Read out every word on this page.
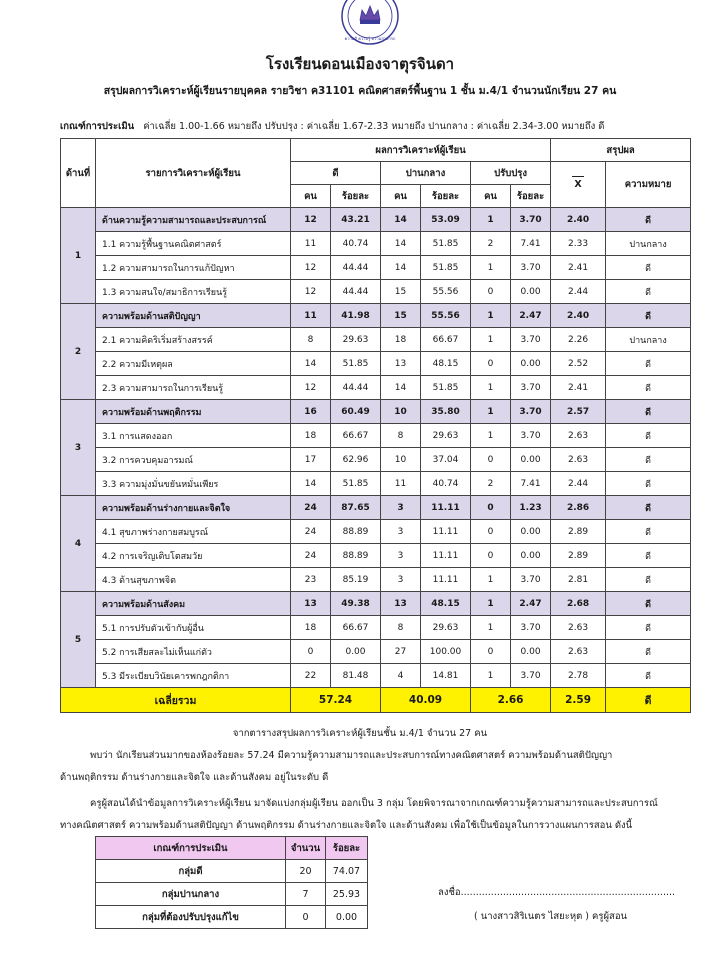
ความดี ความรู้ ความสามารถ
โรงเรียนดอนเมืองจาตุรจินดา
สรุปผลการวิเคราะห์ผู้เรียนรายบุคคล รายวิชา ค31101 คณิตศาสตร์พื้นฐาน 1 ชั้น ม.4/1 จำนวนนักเรียน 27 คน
เกณฑ์การประเมิน ค่าเฉลี่ย 1.00-1.66 หมายถึง ปรับปรุง : ค่าเฉลี่ย 1.67-2.33 หมายถึง ปานกลาง : ค่าเฉลี่ย 2.34-3.00 หมายถึง ดี
ด้านที่	รายการวิเคราะห์ผู้เรียน	ผลการวิเคราะห์ผู้เรียน						สรุปผล	
		ดี		ปานกลาง		ปรับปรุง		X	ความหมาย
		คน	ร้อยละ	คน	ร้อยละ	คน	ร้อยละ		
1	ด้านความรู้ความสามารถและประสบการณ์	12	43.21	14	53.09	1	3.70	2.40	ดี
	1.1 ความรู้พื้นฐานคณิตศาสตร์	11	40.74	14	51.85	2	7.41	2.33	ปานกลาง
	1.2 ความสามารถในการแก้ปัญหา	12	44.44	14	51.85	1	3.70	2.41	ดี
	1.3 ความสนใจ/สมาธิการเรียนรู้	12	44.44	15	55.56	0	0.00	2.44	ดี
2	ความพร้อมด้านสติปัญญา	11	41.98	15	55.56	1	2.47	2.40	ดี
	2.1 ความคิดริเริ่มสร้างสรรค์	8	29.63	18	66.67	1	3.70	2.26	ปานกลาง
	2.2 ความมีเหตุผล	14	51.85	13	48.15	0	0.00	2.52	ดี
	2.3 ความสามารถในการเรียนรู้	12	44.44	14	51.85	1	3.70	2.41	ดี
3	ความพร้อมด้านพฤติกรรม	16	60.49	10	35.80	1	3.70	2.57	ดี
	3.1 การแสดงออก	18	66.67	8	29.63	1	3.70	2.63	ดี
	3.2 การควบคุมอารมณ์	17	62.96	10	37.04	0	0.00	2.63	ดี
	3.3 ความมุ่งมั่นขยันหมั่นเพียร	14	51.85	11	40.74	2	7.41	2.44	ดี
4	ความพร้อมด้านร่างกายและจิตใจ	24	87.65	3	11.11	0	1.23	2.86	ดี
	4.1 สุขภาพร่างกายสมบูรณ์	24	88.89	3	11.11	0	0.00	2.89	ดี
	4.2 การเจริญเติบโตสมวัย	24	88.89	3	11.11	0	0.00	2.89	ดี
	4.3 ด้านสุขภาพจิต	23	85.19	3	11.11	1	3.70	2.81	ดี
5	ความพร้อมด้านสังคม	13	49.38	13	48.15	1	2.47	2.68	ดี
	5.1 การปรับตัวเข้ากับผู้อื่น	18	66.67	8	29.63	1	3.70	2.63	ดี
	5.2 การเสียสละไม่เห็นแก่ตัว	0	0.00	27	100.00	0	0.00	2.63	ดี
	5.3 มีระเบียบวินัยเคารพกฎกติกา	22	81.48	4	14.81	1	3.70	2.78	ดี
เฉลี่ยรวม		57.24		40.09		2.66		2.59	ดี
จากตารางสรุปผลการวิเคราะห์ผู้เรียนชั้น ม.4/1 จำนวน 27 คน
พบว่า นักเรียนส่วนมากของห้องร้อยละ 57.24 มีความรู้ความสามารถและประสบการณ์ทางคณิตศาสตร์ ความพร้อมด้านสติปัญญา
ด้านพฤติกรรม ด้านร่างกายและจิตใจ และด้านสังคม อยู่ในระดับ ดี
ครูผู้สอนได้นำข้อมูลการวิเคราะห์ผู้เรียน มาจัดแบ่งกลุ่มผู้เรียน ออกเป็น 3 กลุ่ม โดยพิจารณาจากเกณฑ์ความรู้ความสามารถและประสบการณ์
ทางคณิตศาสตร์ ความพร้อมด้านสติปัญญา ด้านพฤติกรรม ด้านร่างกายและจิตใจ และด้านสังคม เพื่อใช้เป็นข้อมูลในการวางแผนการสอน ดังนี้
เกณฑ์การประเมิน	จำนวน	ร้อยละ
กลุ่มดี	20	74.07
กลุ่มปานกลาง	7	25.93
กลุ่มที่ต้องปรับปรุงแก้ไข	0	0.00
ลงชื่อ.......................................................................
( นางสาวสิริเนตร ไสยะหุต ) ครูผู้สอน
